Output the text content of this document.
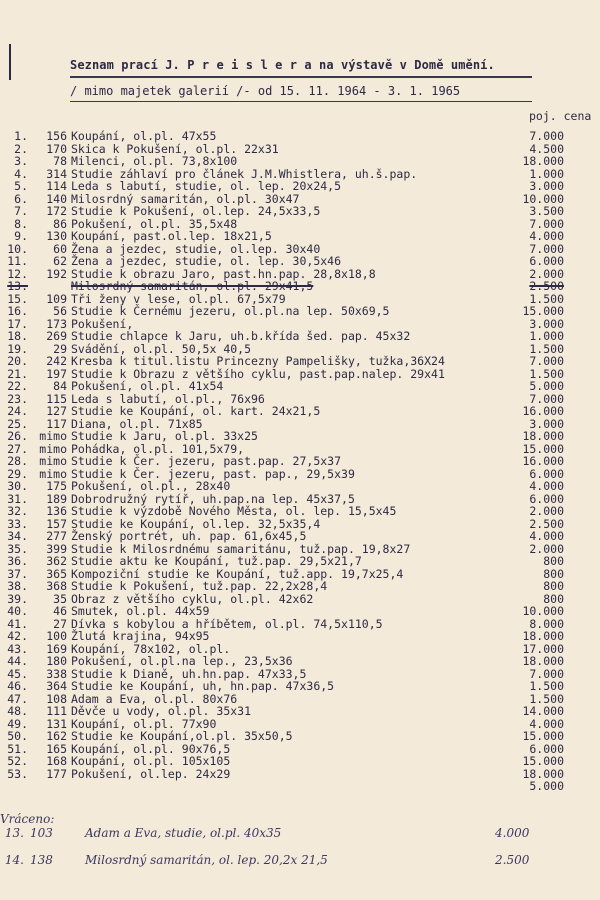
Seznam prací J. P r e i s l e r a na výstavě v Domě umění.
/ mimo majetek galerií /- od 15. 11. 1964 - 3. 1. 1965
poj. cena
1.	156 Koupání, ol.pl. 47x55	7.000
2.	170 Skica k Pokušení, ol.pl. 22x31	4.500
3.	78 Milenci, ol.pl. 73,8x100	18.000
4.	314 Studie záhlaví pro článek J.M.Whistlera, uh.š.pap.	1.000
5.	114 Leda s labutí, studie, ol. lep. 20x24,5	3.000
6.	140 Milosrdný samaritán, ol.pl. 30x47	10.000
7.	172 Studie k Pokušení, ol.lep. 24,5x33,5	3.500
8.	86 Pokušení, ol.pl. 35,5x48	7.000
9.	130 Koupání, past.ol.lep. 18x21,5	4.000
10.	60 Žena a jezdec, studie, ol.lep. 30x40	7.000
11.	62 Žena a jezdec, studie, ol. lep. 30,5x46	6.000
12.	192 Studie k obrazu Jaro, past.hn.pap. 28,8x18,8	2.000
13.	Milosrdný samaritán, ol.pl. 29x41,5	2.500
15.	109 Tři ženy v lese, ol.pl. 67,5x79	1.500
16.	56 Studie k Černému jezeru, ol.pl.na lep. 50x69,5	15.000
17.	173 Pokušení,	3.000
18.	269 Studie chlapce k Jaru, uh.b.křída šed. pap. 45x32	1.000
19.	29 Svádění, ol.pl. 50,5x 40,5	1.500
20.	242 Kresba k titul.listu Princezny Pampelišky, tužka,36X24	7.000
21.	197 Studie k Obrazu z většího cyklu, past.pap.nalep. 29x41	1.500
22.	84 Pokušení, ol.pl. 41x54	5.000
23.	115 Leda s labutí, ol.pl., 76x96	7.000
24.	127 Studie ke Koupání, ol. kart. 24x21,5	16.000
25.	117 Diana, ol.pl. 71x85	3.000
26. mimo Studie k Jaru, ol.pl. 33x25	18.000
27. mimo Pohádka, ol.pl. 101,5x79,	15.000
28. mimo Studie k Čer. jezeru, past.pap. 27,5x37	16.000
29. mimo Studie k Čer. jezeru, past. pap., 29,5x39	6.000
30.	175 Pokušení, ol.pl., 28x40	4.000
31.	189 Dobrodružný rytíř, uh.pap.na lep. 45x37,5	6.000
32.	136 Studie k výzdobě Nového Města, ol. lep. 15,5x45	2.000
33.	157 Studie ke Koupání, ol.lep. 32,5x35,4	2.500
34.	277 Ženský portrét, uh. pap. 61,6x45,5	4.000
35.	399 Studie k Milosrdnému samaritánu, tuž.pap. 19,8x27	2.000
36.	362 Studie aktu ke Koupání, tuž.pap. 29,5x21,7	800
37.	365 Kompoziční studie ke Koupání, tuž.app. 19,7x25,4	800
38.	368 Studie k Pokušení, tuž.pap. 22,2x28,4	800
39.	35 Obraz z většího cyklu, ol.pl. 42x62	800
40.	46 Smutek, ol.pl. 44x59	10.000
41.	27 Dívka s kobylou a hříbětem, ol.pl. 74,5x110,5	8.000
42.	100 Žlutá krajina, 94x95	18.000
43.	169 Koupání, 78x102, ol.pl.	17.000
44.	180 Pokušení, ol.pl.na lep., 23,5x36	18.000
45.	338 Studie k Dianě, uh.hn.pap. 47x33,5	7.000
46.	364 Studie ke Koupání, uh, hn.pap. 47x36,5	1.500
47.	108 Adam a Eva, ol.pl. 80x76	1.500
48.	111 Děvče u vody, ol.pl. 35x31	14.000
49.	131 Koupání, ol.pl. 77x90	4.000
50.	162 Studie ke Koupání,ol.pl. 35x50,5	15.000
51.	165 Koupání, ol.pl. 90x76,5	6.000
52.	168 Koupání, ol.pl. 105x105	15.000
53.	177 Pokušení, ol.lep. 24x29	18.000
5.000
Vráceno:
13. 103	Adam a Eva, studie, ol.pl. 40x35	4.000
14. 138	Milosrdný samaritán, ol. lep. 20,2x 21,5	2.500
